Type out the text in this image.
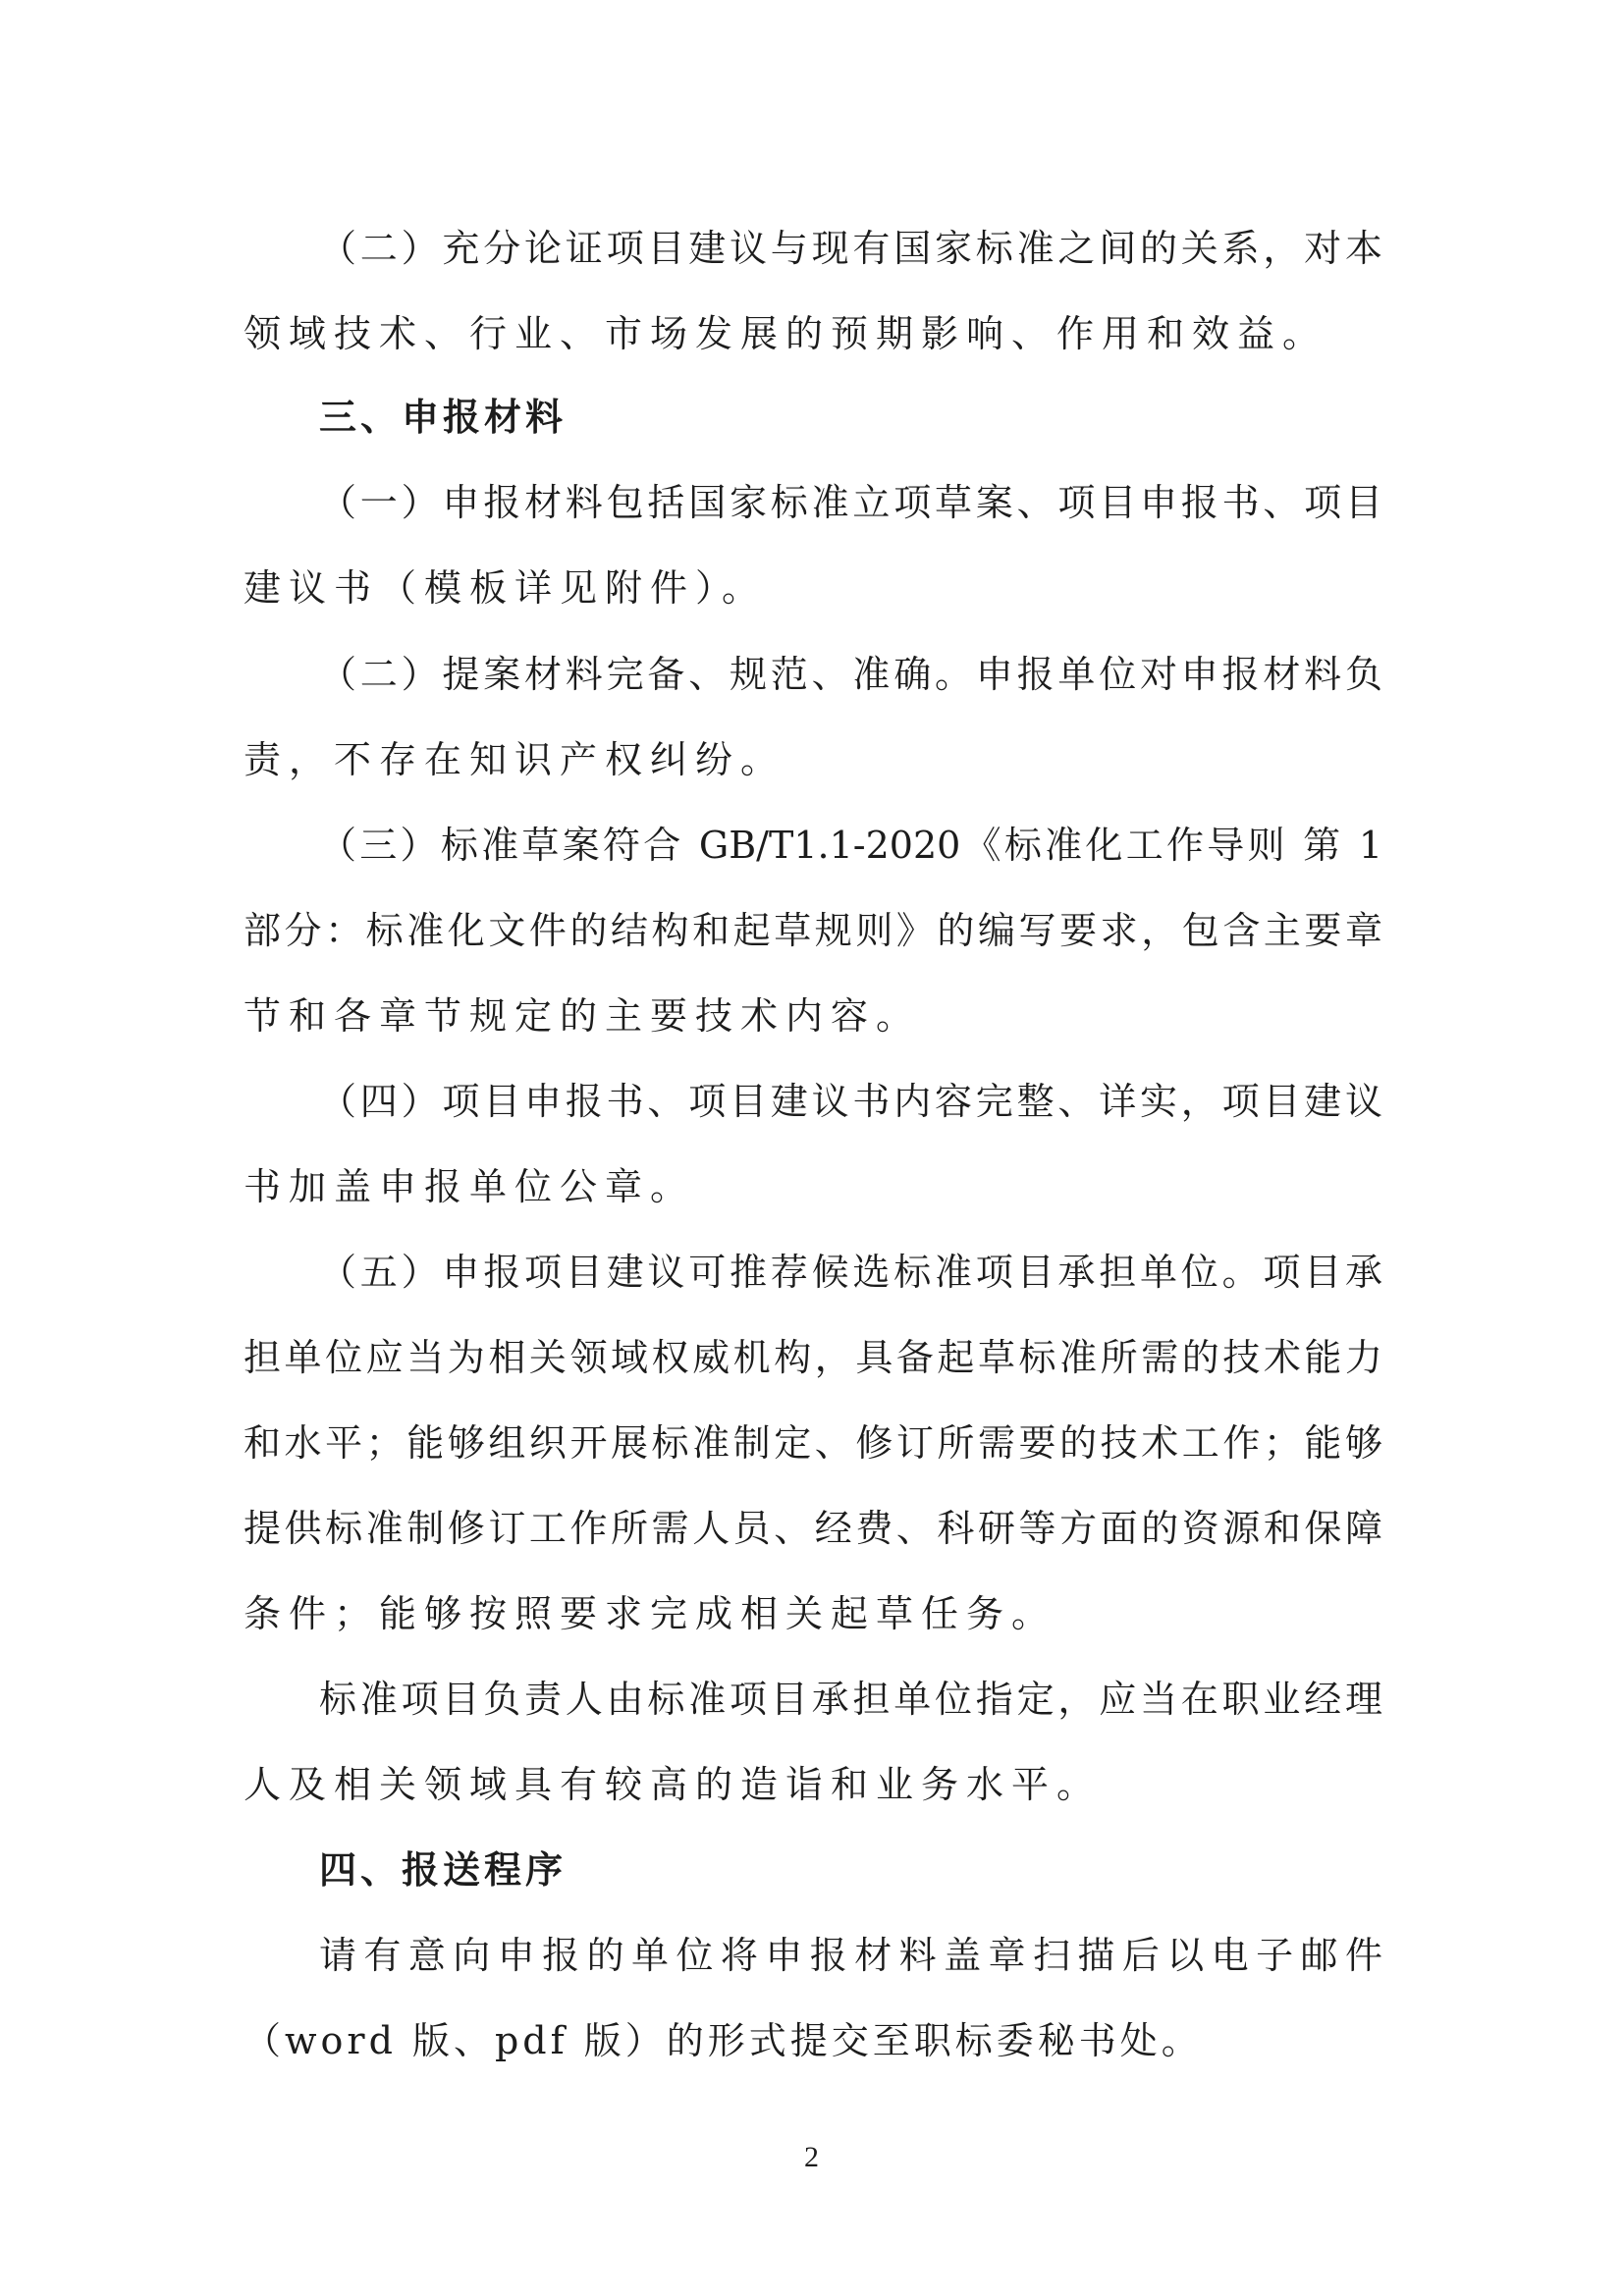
（二）充分论证项目建议与现有国家标准之间的关系，对本
领域技术、行业、市场发展的预期影响、作用和效益。
三、申报材料
（一）申报材料包括国家标准立项草案、项目申报书、项目
建议书（模板详见附件）。
（二）提案材料完备、规范、准确。申报单位对申报材料负
责，不存在知识产权纠纷。
（三）标准草案符合 GB/T1.1-2020《标准化工作导则 第 1
部分：标准化文件的结构和起草规则》的编写要求，包含主要章
节和各章节规定的主要技术内容。
（四）项目申报书、项目建议书内容完整、详实，项目建议
书加盖申报单位公章。
（五）申报项目建议可推荐候选标准项目承担单位。项目承
担单位应当为相关领域权威机构，具备起草标准所需的技术能力
和水平；能够组织开展标准制定、修订所需要的技术工作；能够
提供标准制修订工作所需人员、经费、科研等方面的资源和保障
条件；能够按照要求完成相关起草任务。
标准项目负责人由标准项目承担单位指定，应当在职业经理
人及相关领域具有较高的造诣和业务水平。
四、报送程序
请有意向申报的单位将申报材料盖章扫描后以电子邮件
（word 版、pdf 版）的形式提交至职标委秘书处。
2
